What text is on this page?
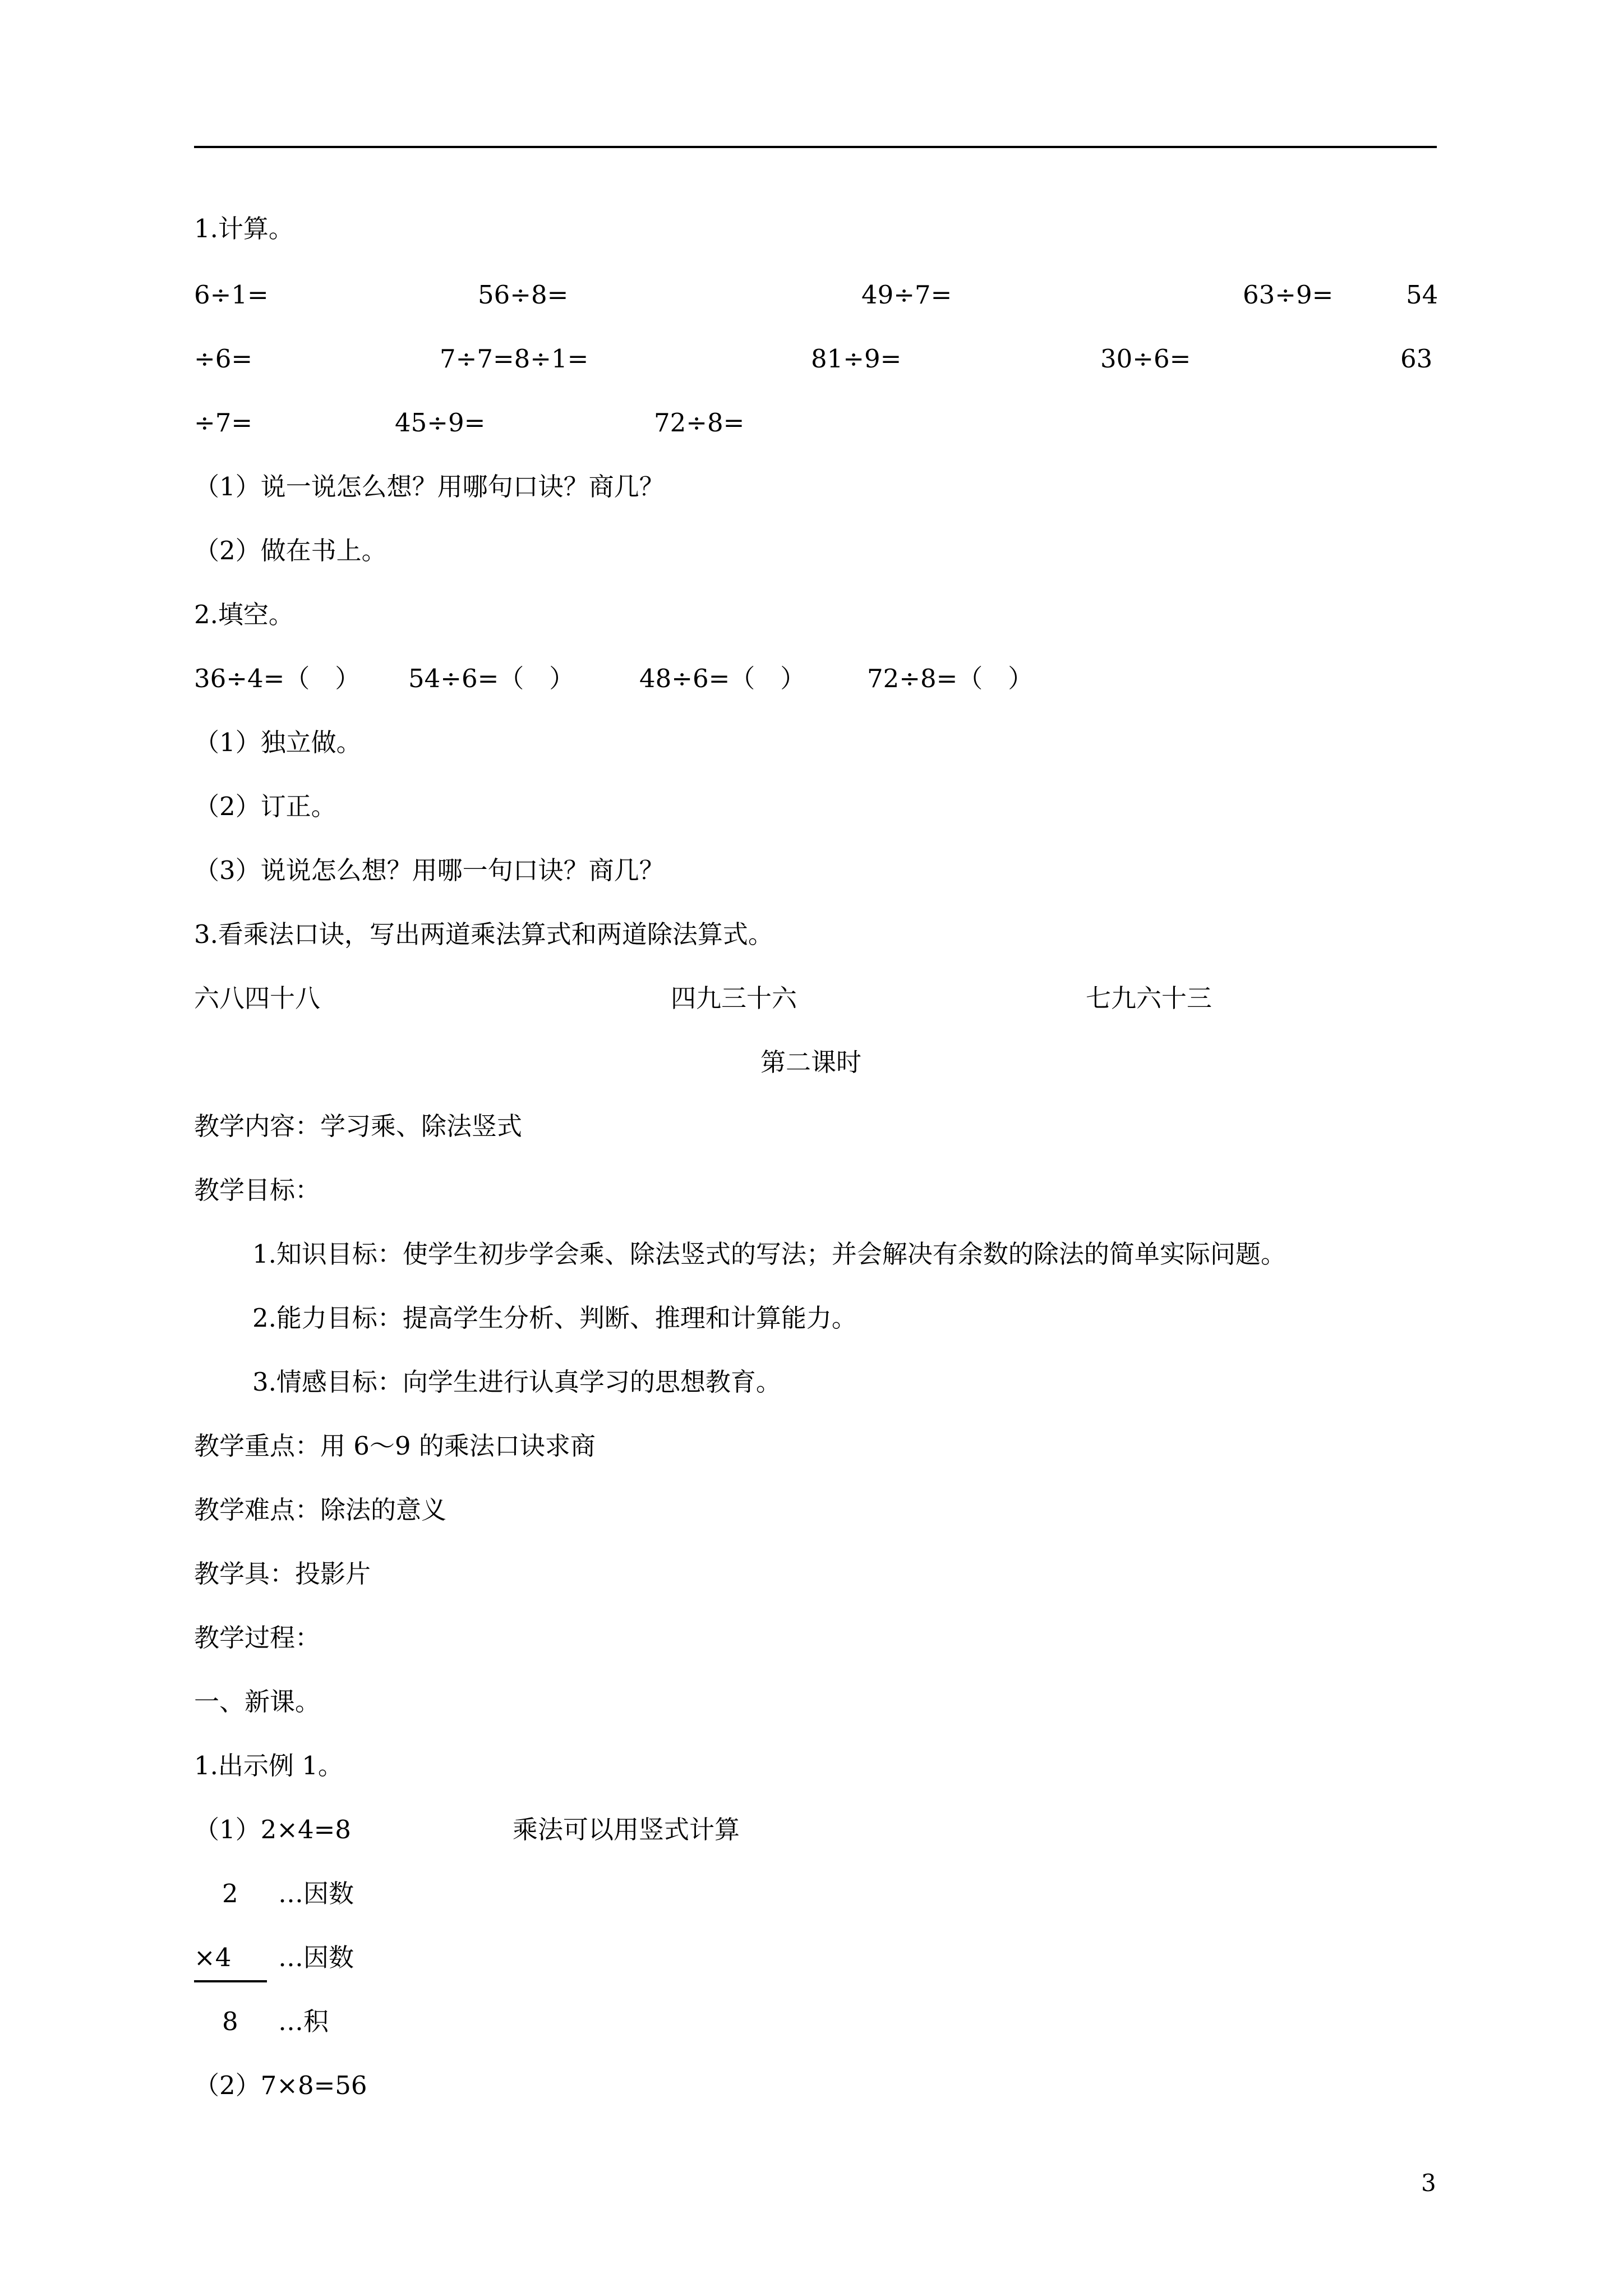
1.计算。
6÷1=	56÷8=	49÷7=	63÷9=	54
÷6=	7÷7=8÷1=	81÷9=	30÷6=	63
÷7=	45÷9=	72÷8=
（1）说一说怎么想？用哪句口诀？商几？
（2）做在书上。
2.填空。
36÷4=（　） 54÷6=（　）	48÷6=（　） 72÷8=（　）
（1）独立做。
（2）订正。
（3）说说怎么想？用哪一句口诀？商几？
3.看乘法口诀，写出两道乘法算式和两道除法算式。
六八四十八	四九三十六	七九六十三
第二课时
教学内容：学习乘、除法竖式
教学目标：
1.知识目标：使学生初步学会乘、除法竖式的写法；并会解决有余数的除法的简单实际问题。
2.能力目标：提高学生分析、判断、推理和计算能力。
3.情感目标：向学生进行认真学习的思想教育。
教学重点：用 6～9 的乘法口诀求商
教学难点：除法的意义
教学具：投影片
教学过程：
一、新课。
1.出示例 1。
（1）2×4=8	乘法可以用竖式计算
2 …因数
×4 …因数
8 …积
（2）7×8=56
3
